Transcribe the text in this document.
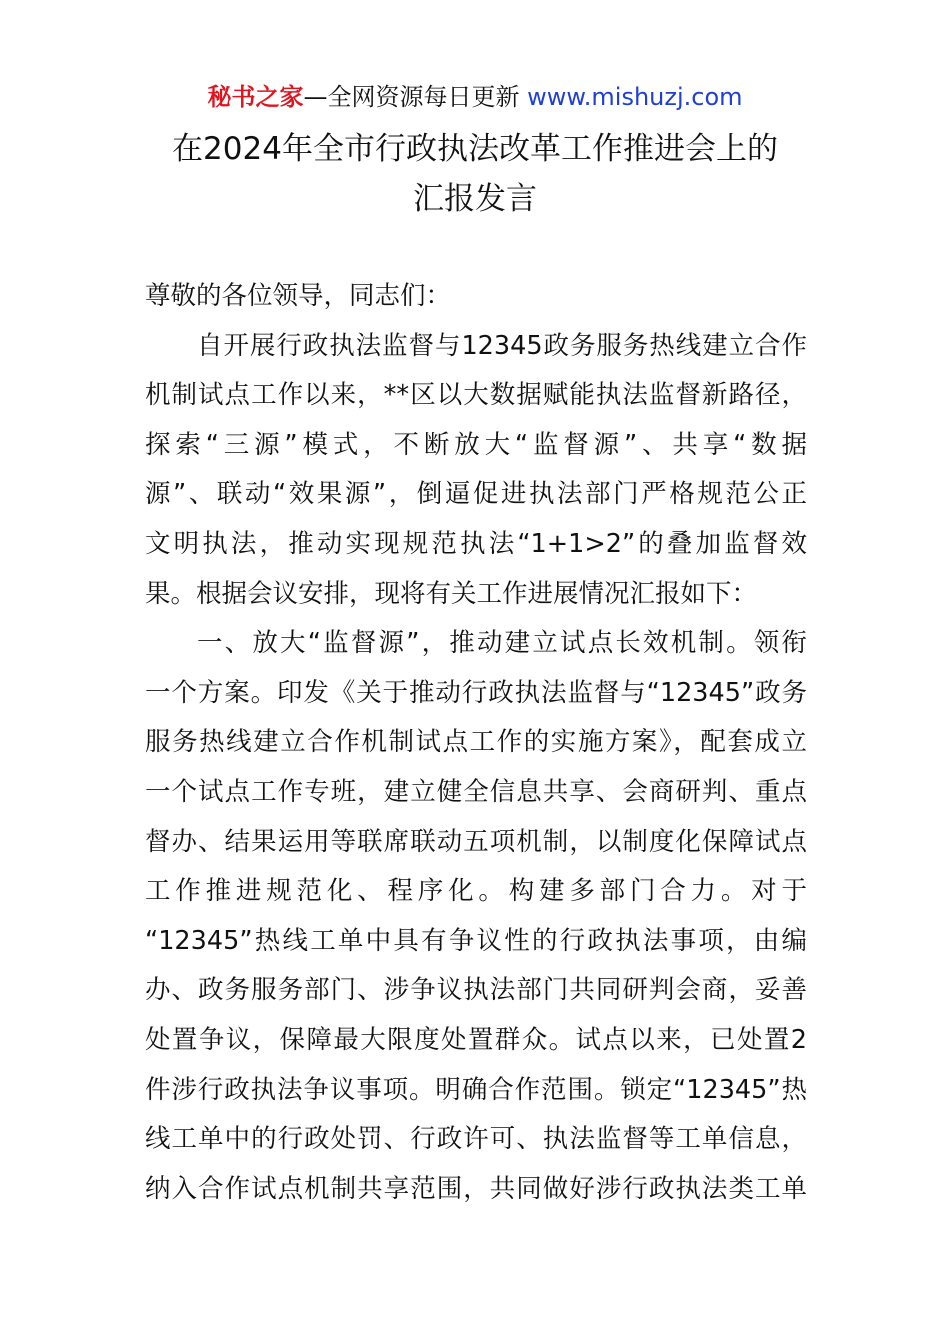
秘书之家—全网资源每日更新 www.mishuzj.com
在2024年全市行政执法改革工作推进会上的
汇报发言
尊敬的各位领导，同志们：
自开展行政执法监督与12345政务服务热线建立合作
机制试点工作以来，**区以大数据赋能执法监督新路径，
探索“三源”模式，不断放大“监督源”、共享“数据
源”、联动“效果源”，倒逼促进执法部门严格规范公正
文明执法，推动实现规范执法“1+1>2”的叠加监督效
果。根据会议安排，现将有关工作进展情况汇报如下：
一、放大“监督源”，推动建立试点长效机制。领衔
一个方案。印发《关于推动行政执法监督与“12345”政务
服务热线建立合作机制试点工作的实施方案》，配套成立
一个试点工作专班，建立健全信息共享、会商研判、重点
督办、结果运用等联席联动五项机制，以制度化保障试点
工作推进规范化、程序化。构建多部门合力。对于
“12345”热线工单中具有争议性的行政执法事项，由编
办、政务服务部门、涉争议执法部门共同研判会商，妥善
处置争议，保障最大限度处置群众。试点以来，已处置2
件涉行政执法争议事项。明确合作范围。锁定“12345”热
线工单中的行政处罚、行政许可、执法监督等工单信息，
纳入合作试点机制共享范围，共同做好涉行政执法类工单
